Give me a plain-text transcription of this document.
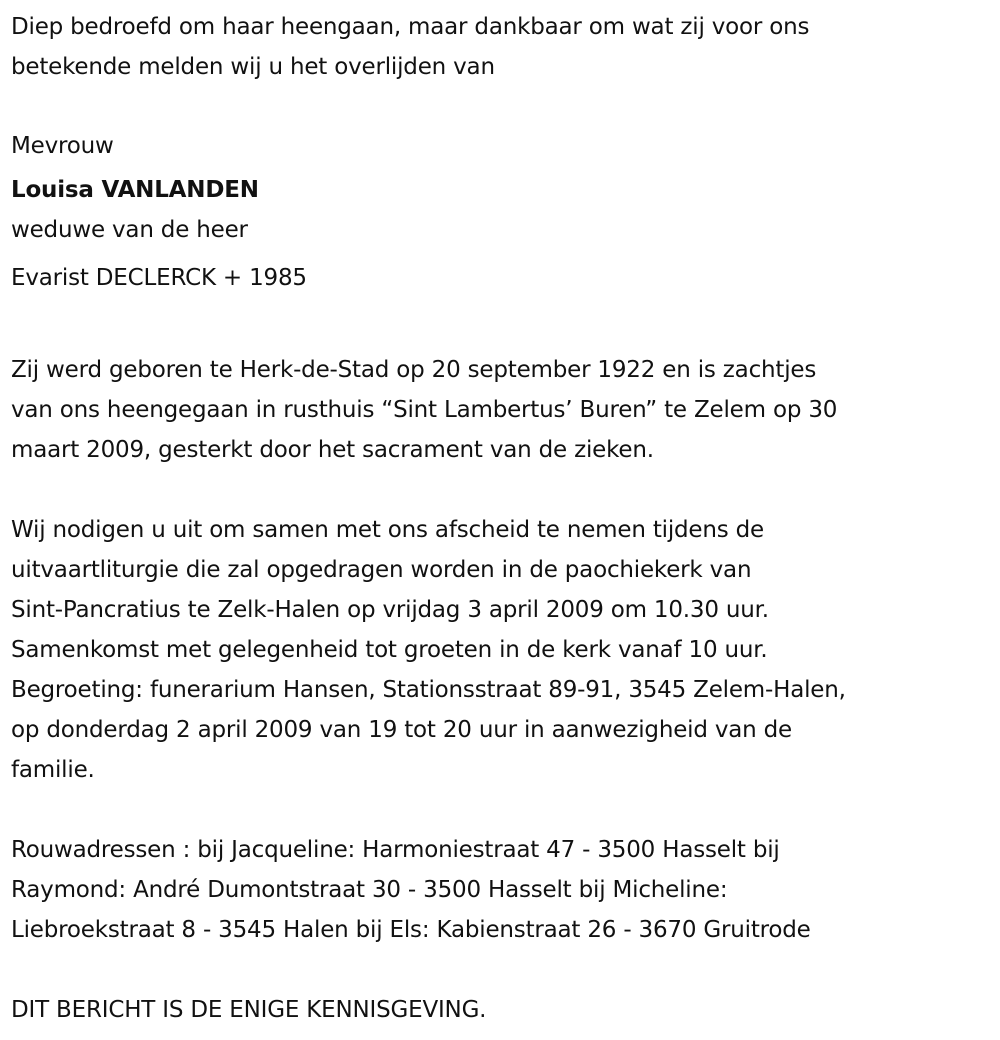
Diep bedroefd om haar heengaan, maar dankbaar om wat zij voor ons
betekende melden wij u het overlijden van
Mevrouw
Louisa VANLANDEN
weduwe van de heer
Evarist DECLERCK + 1985
Zij werd geboren te Herk-de-Stad op 20 september 1922 en is zachtjes
van ons heengegaan in rusthuis “Sint Lambertus’ Buren” te Zelem op 30
maart 2009, gesterkt door het sacrament van de zieken.
Wij nodigen u uit om samen met ons afscheid te nemen tijdens de
uitvaartliturgie die zal opgedragen worden in de paochiekerk van
Sint-Pancratius te Zelk-Halen op vrijdag 3 april 2009 om 10.30 uur.
Samenkomst met gelegenheid tot groeten in de kerk vanaf 10 uur.
Begroeting: funerarium Hansen, Stationsstraat 89-91, 3545 Zelem-Halen,
op donderdag 2 april 2009 van 19 tot 20 uur in aanwezigheid van de
familie.
Rouwadressen : bij Jacqueline: Harmoniestraat 47 - 3500 Hasselt bij
Raymond: André Dumontstraat 30 - 3500 Hasselt bij Micheline:
Liebroekstraat 8 - 3545 Halen bij Els: Kabienstraat 26 - 3670 Gruitrode
DIT BERICHT IS DE ENIGE KENNISGEVING.
